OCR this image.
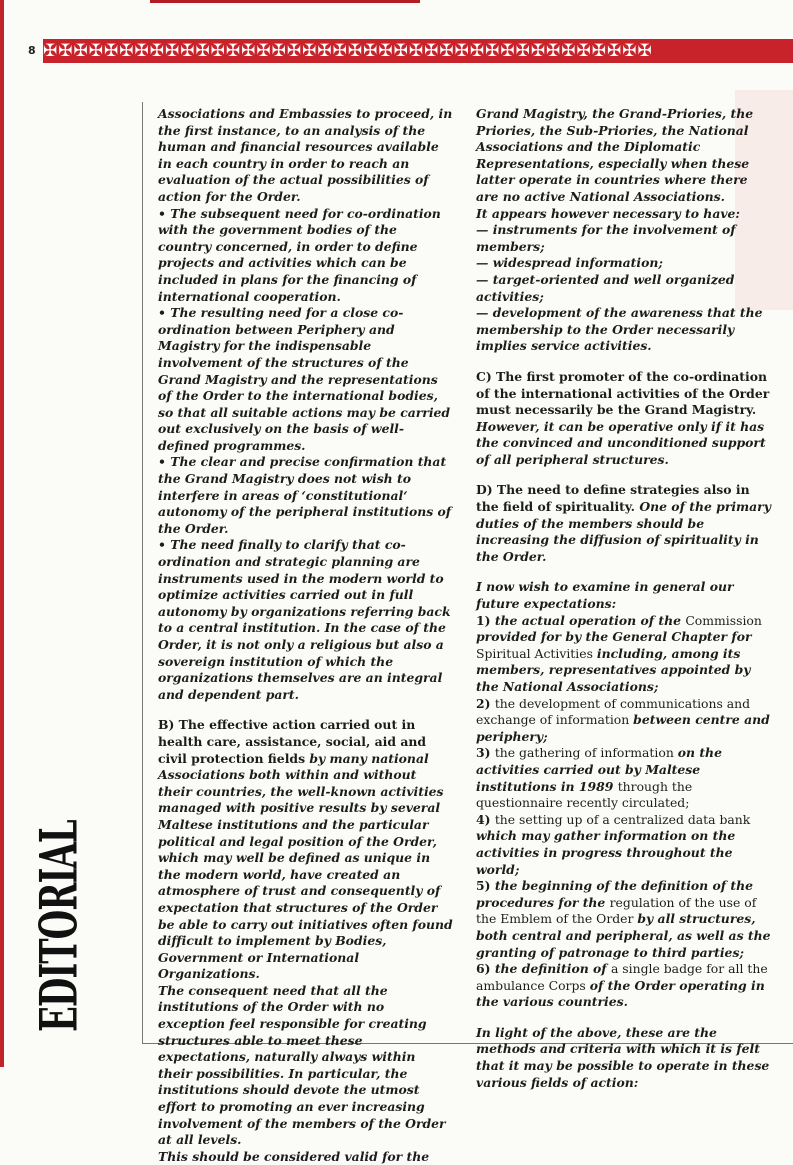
8 ✠✠✠✠✠✠✠✠✠✠✠✠✠✠✠✠✠✠✠✠✠✠✠✠✠✠✠✠✠✠✠✠✠✠✠✠✠✠✠✠

Associations and Embassies to proceed, in the first instance, to an analysis of the human and financial resources available in each country in order to reach an evaluation of the actual possibilities of action for the Order.

• The subsequent need for co-ordination with the government bodies of the country concerned, in order to define projects and activities which can be included in plans for the financing of international cooperation.

• The resulting need for a close co-ordination between Periphery and Magistry for the indispensable involvement of the structures of the Grand Magistry and the representations of the Order to the international bodies, so that all suitable actions may be carried out exclusively on the basis of well-defined programmes.

• The clear and precise confirmation that the Grand Magistry does not wish to interfere in areas of ‘constitutional‘ autonomy of the peripheral institutions of the Order.

• The need finally to clarify that co-ordination and strategic planning are instruments used in the modern world to optimize activities carried out in full autonomy by organizations referring back to a central institution. In the case of the Order, it is not only a religious but also a sovereign institution of which the organizations themselves are an integral and dependent part.

B) The effective action carried out in health care, assistance, social, aid and civil protection fields by many national Associations both within and without their countries, the well-known activities managed with positive results by several Maltese institutions and the particular political and legal position of the Order, which may well be defined as unique in the modern world, have created an atmosphere of trust and consequently of expectation that structures of the Order be able to carry out initiatives often found difficult to implement by Bodies, Government or International Organizations.

The consequent need that all the institutions of the Order with no exception feel responsible for creating structures able to meet these expectations, naturally always within their possibilities. In particular, the institutions should devote the utmost effort to promoting an ever increasing involvement of the members of the Order at all levels.

This should be considered valid for the

Grand Magistry, the Grand-Priories, the Priories, the Sub-Priories, the National Associations and the Diplomatic Representations, especially when these latter operate in countries where there are no active National Associations.

It appears however necessary to have:

— instruments for the involvement of members;

— widespread information;

— target-oriented and well organized activities;

— development of the awareness that the membership to the Order necessarily implies service activities.

C) The first promoter of the co-ordination of the international activities of the Order must necessarily be the Grand Magistry. However, it can be operative only if it has the convinced and unconditioned support of all peripheral structures.

D) The need to define strategies also in the field of spirituality. One of the primary duties of the members should be increasing the diffusion of spirituality in the Order.

I now wish to examine in general our future expectations:

1) the actual operation of the Commission provided for by the General Chapter for Spiritual Activities including, among its members, representatives appointed by the National Associations;

2) the development of communications and exchange of information between centre and periphery;

3) the gathering of information on the activities carried out by Maltese institutions in 1989 through the questionnaire recently circulated;

4) the setting up of a centralized data bank which may gather information on the activities in progress throughout the world;

5) the beginning of the definition of the procedures for the regulation of the use of the Emblem of the Order by all structures, both central and peripheral, as well as the granting of patronage to third parties;

6) the definition of a single badge for all the ambulance Corps of the Order operating in the various countries.

In light of the above, these are the methods and criteria with which it is felt that it may be possible to operate in these various fields of action:

EDITORIAL
